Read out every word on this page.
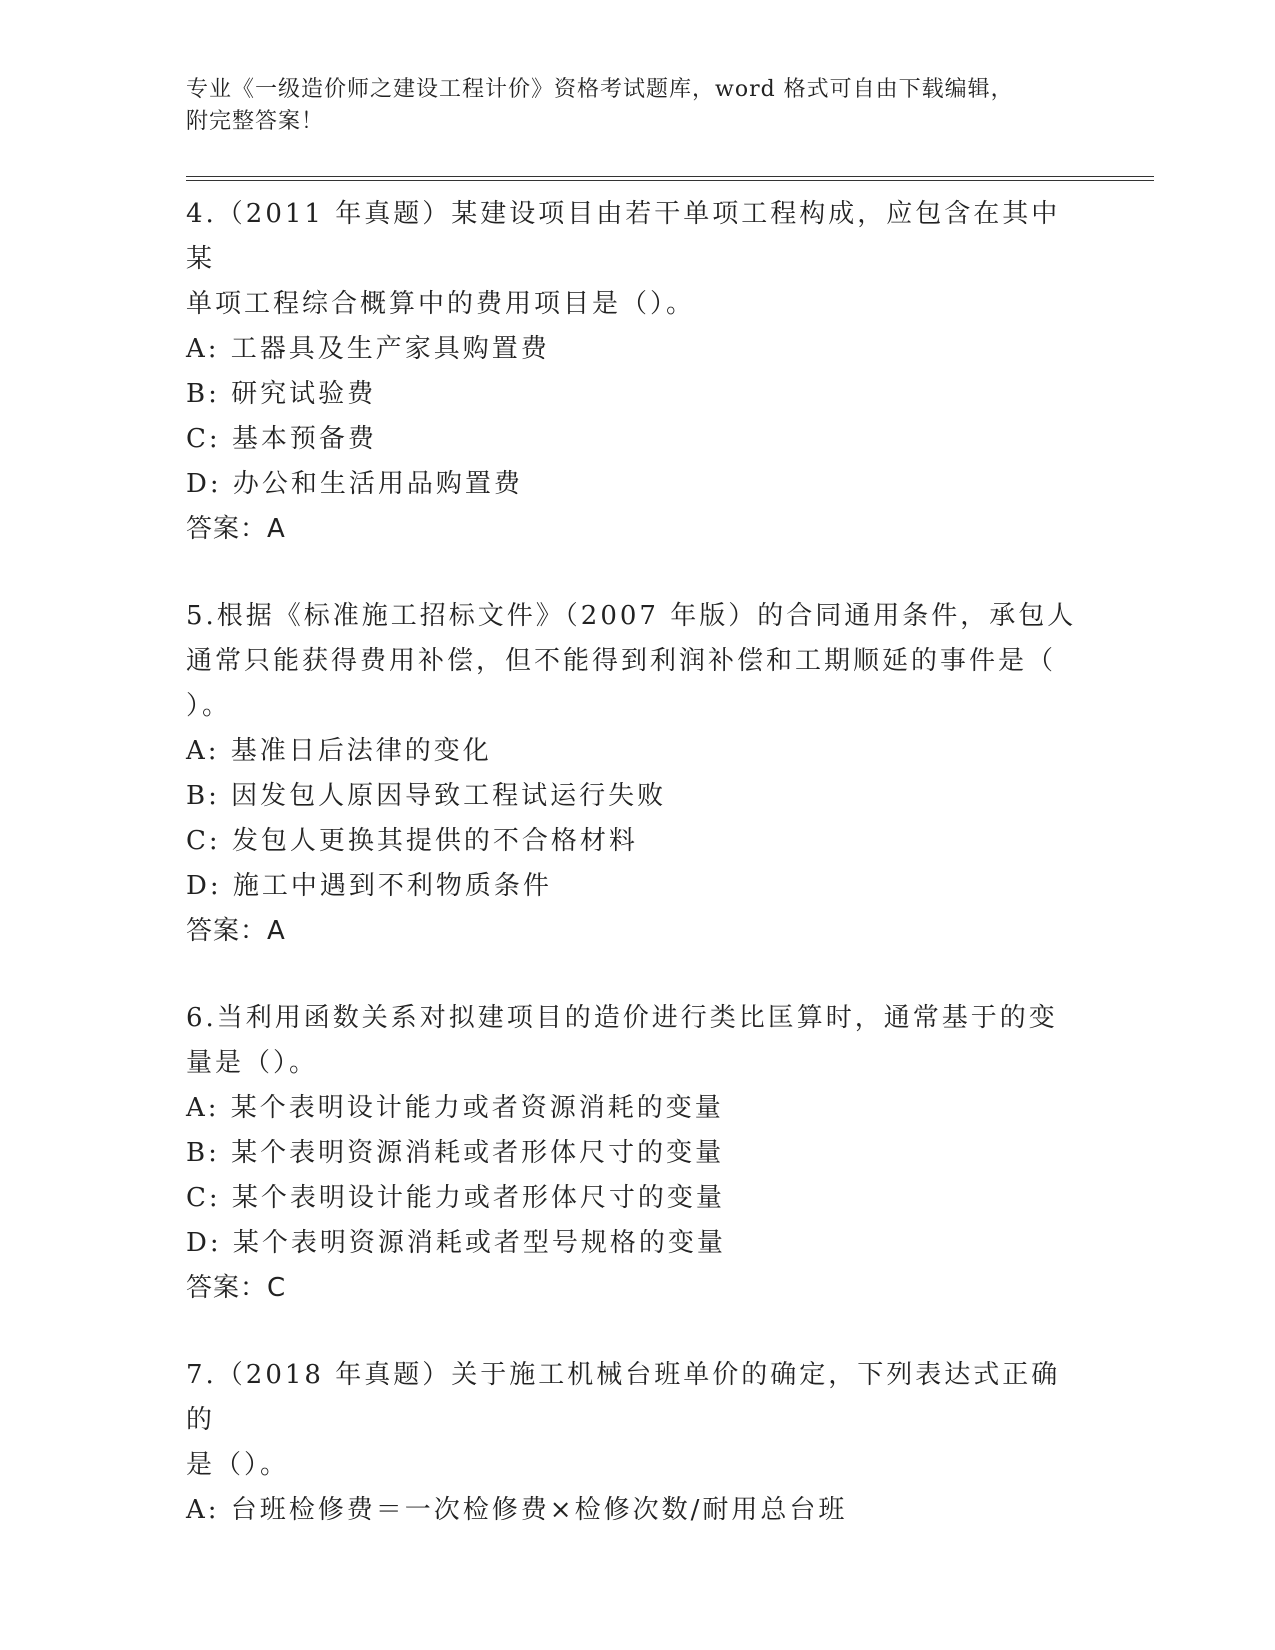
专业《一级造价师之建设工程计价》资格考试题库，word 格式可自由下载编辑，
附完整答案！
4.（2011 年真题）某建设项目由若干单项工程构成，应包含在其中某
单项工程综合概算中的费用项目是（）。
A: 工器具及生产家具购置费
B: 研究试验费
C: 基本预备费
D: 办公和生活用品购置费
答案：A
5.根据《标准施工招标文件》（2007 年版）的合同通用条件，承包人
通常只能获得费用补偿，但不能得到利润补偿和工期顺延的事件是（
）。
A: 基准日后法律的变化
B: 因发包人原因导致工程试运行失败
C: 发包人更换其提供的不合格材料
D: 施工中遇到不利物质条件
答案：A
6.当利用函数关系对拟建项目的造价进行类比匡算时，通常基于的变
量是（）。
A: 某个表明设计能力或者资源消耗的变量
B: 某个表明资源消耗或者形体尺寸的变量
C: 某个表明设计能力或者形体尺寸的变量
D: 某个表明资源消耗或者型号规格的变量
答案：C
7.（2018 年真题）关于施工机械台班单价的确定，下列表达式正确的
是（）。
A: 台班检修费＝一次检修费×检修次数/耐用总台班
